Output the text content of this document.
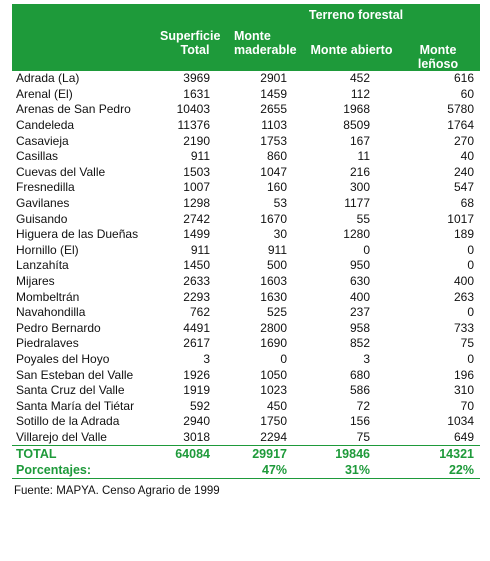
		Terreno forestal		
	Superficie	Monte		
	Total	maderable	Monte abierto	Monte leñoso
Adrada (La)	3969	2901	452	616
Arenal (El)	1631	1459	112	60
Arenas de San Pedro	10403	2655	1968	5780
Candeleda	11376	1103	8509	1764
Casavieja	2190	1753	167	270
Casillas	911	860	11	40
Cuevas del Valle	1503	1047	216	240
Fresnedilla	1007	160	300	547
Gavilanes	1298	53	1177	68
Guisando	2742	1670	55	1017
Higuera de las Dueñas	1499	30	1280	189
Hornillo (El)	911	911	0	0
Lanzahíta	1450	500	950	0
Mijares	2633	1603	630	400
Mombeltrán	2293	1630	400	263
Navahondilla	762	525	237	0
Pedro Bernardo	4491	2800	958	733
Piedralaves	2617	1690	852	75
Poyales del Hoyo	3	0	3	0
San Esteban del Valle	1926	1050	680	196
Santa Cruz del Valle	1919	1023	586	310
Santa María del Tiétar	592	450	72	70
Sotillo de la Adrada	2940	1750	156	1034
Villarejo del Valle	3018	2294	75	649
TOTAL	64084	29917	19846	14321
Porcentajes:		47%	31%	22%
Fuente: MAPYA. Censo Agrario de 1999
